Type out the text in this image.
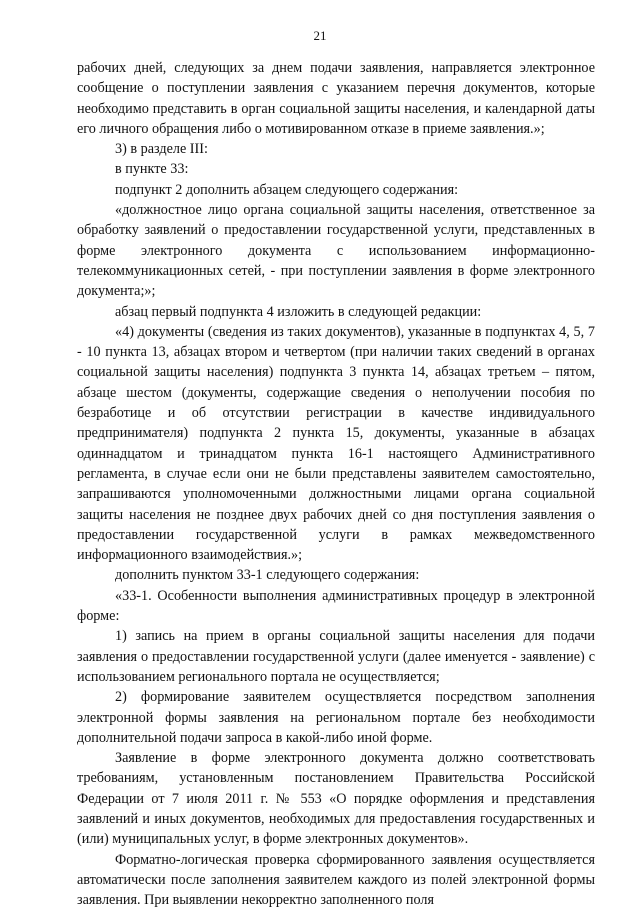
21

рабочих дней, следующих за днем подачи заявления, направляется электронное сообщение о поступлении заявления с указанием перечня документов, которые необходимо представить в орган социальной защиты населения, и календарной даты его личного обращения либо о мотивированном отказе в приеме заявления.»;

3) в разделе III:

в пункте 33:

подпункт 2 дополнить абзацем следующего содержания:

«должностное лицо органа социальной защиты населения, ответственное за обработку заявлений о предоставлении государственной услуги, представленных в форме электронного документа с использованием информационно-телекоммуникационных сетей, - при поступлении заявления в форме электронного документа;»;

абзац первый подпункта 4 изложить в следующей редакции:

«4) документы (сведения из таких документов), указанные в подпунктах 4, 5, 7 - 10 пункта 13, абзацах втором и четвертом (при наличии таких сведений в органах социальной защиты населения) подпункта 3 пункта 14, абзацах третьем – пятом, абзаце шестом (документы, содержащие сведения о неполучении пособия по безработице и об отсутствии регистрации в качестве индивидуального предпринимателя) подпункта 2 пункта 15, документы, указанные в абзацах одиннадцатом и тринадцатом пункта 16-1 настоящего Административного регламента, в случае если они не были представлены заявителем самостоятельно, запрашиваются уполномоченными должностными лицами органа социальной защиты населения не позднее двух рабочих дней со дня поступления заявления о предоставлении государственной услуги в рамках межведомственного информационного взаимодействия.»;

дополнить пунктом 33-1 следующего содержания:

«33-1. Особенности выполнения административных процедур в электронной форме:

1) запись на прием в органы социальной защиты населения для подачи заявления о предоставлении государственной услуги (далее именуется - заявление) с использованием регионального портала не осуществляется;

2) формирование заявителем осуществляется посредством заполнения электронной формы заявления на региональном портале без необходимости дополнительной подачи запроса в какой-либо иной форме.

Заявление в форме электронного документа должно соответствовать требованиям, установленным постановлением Правительства Российской Федерации от 7 июля 2011 г. № 553 «О порядке оформления и представления заявлений и иных документов, необходимых для предоставления государственных и (или) муниципальных услуг, в форме электронных документов».

Форматно-логическая проверка сформированного заявления осуществляется автоматически после заполнения заявителем каждого из полей электронной формы заявления. При выявлении некорректно заполненного поля
